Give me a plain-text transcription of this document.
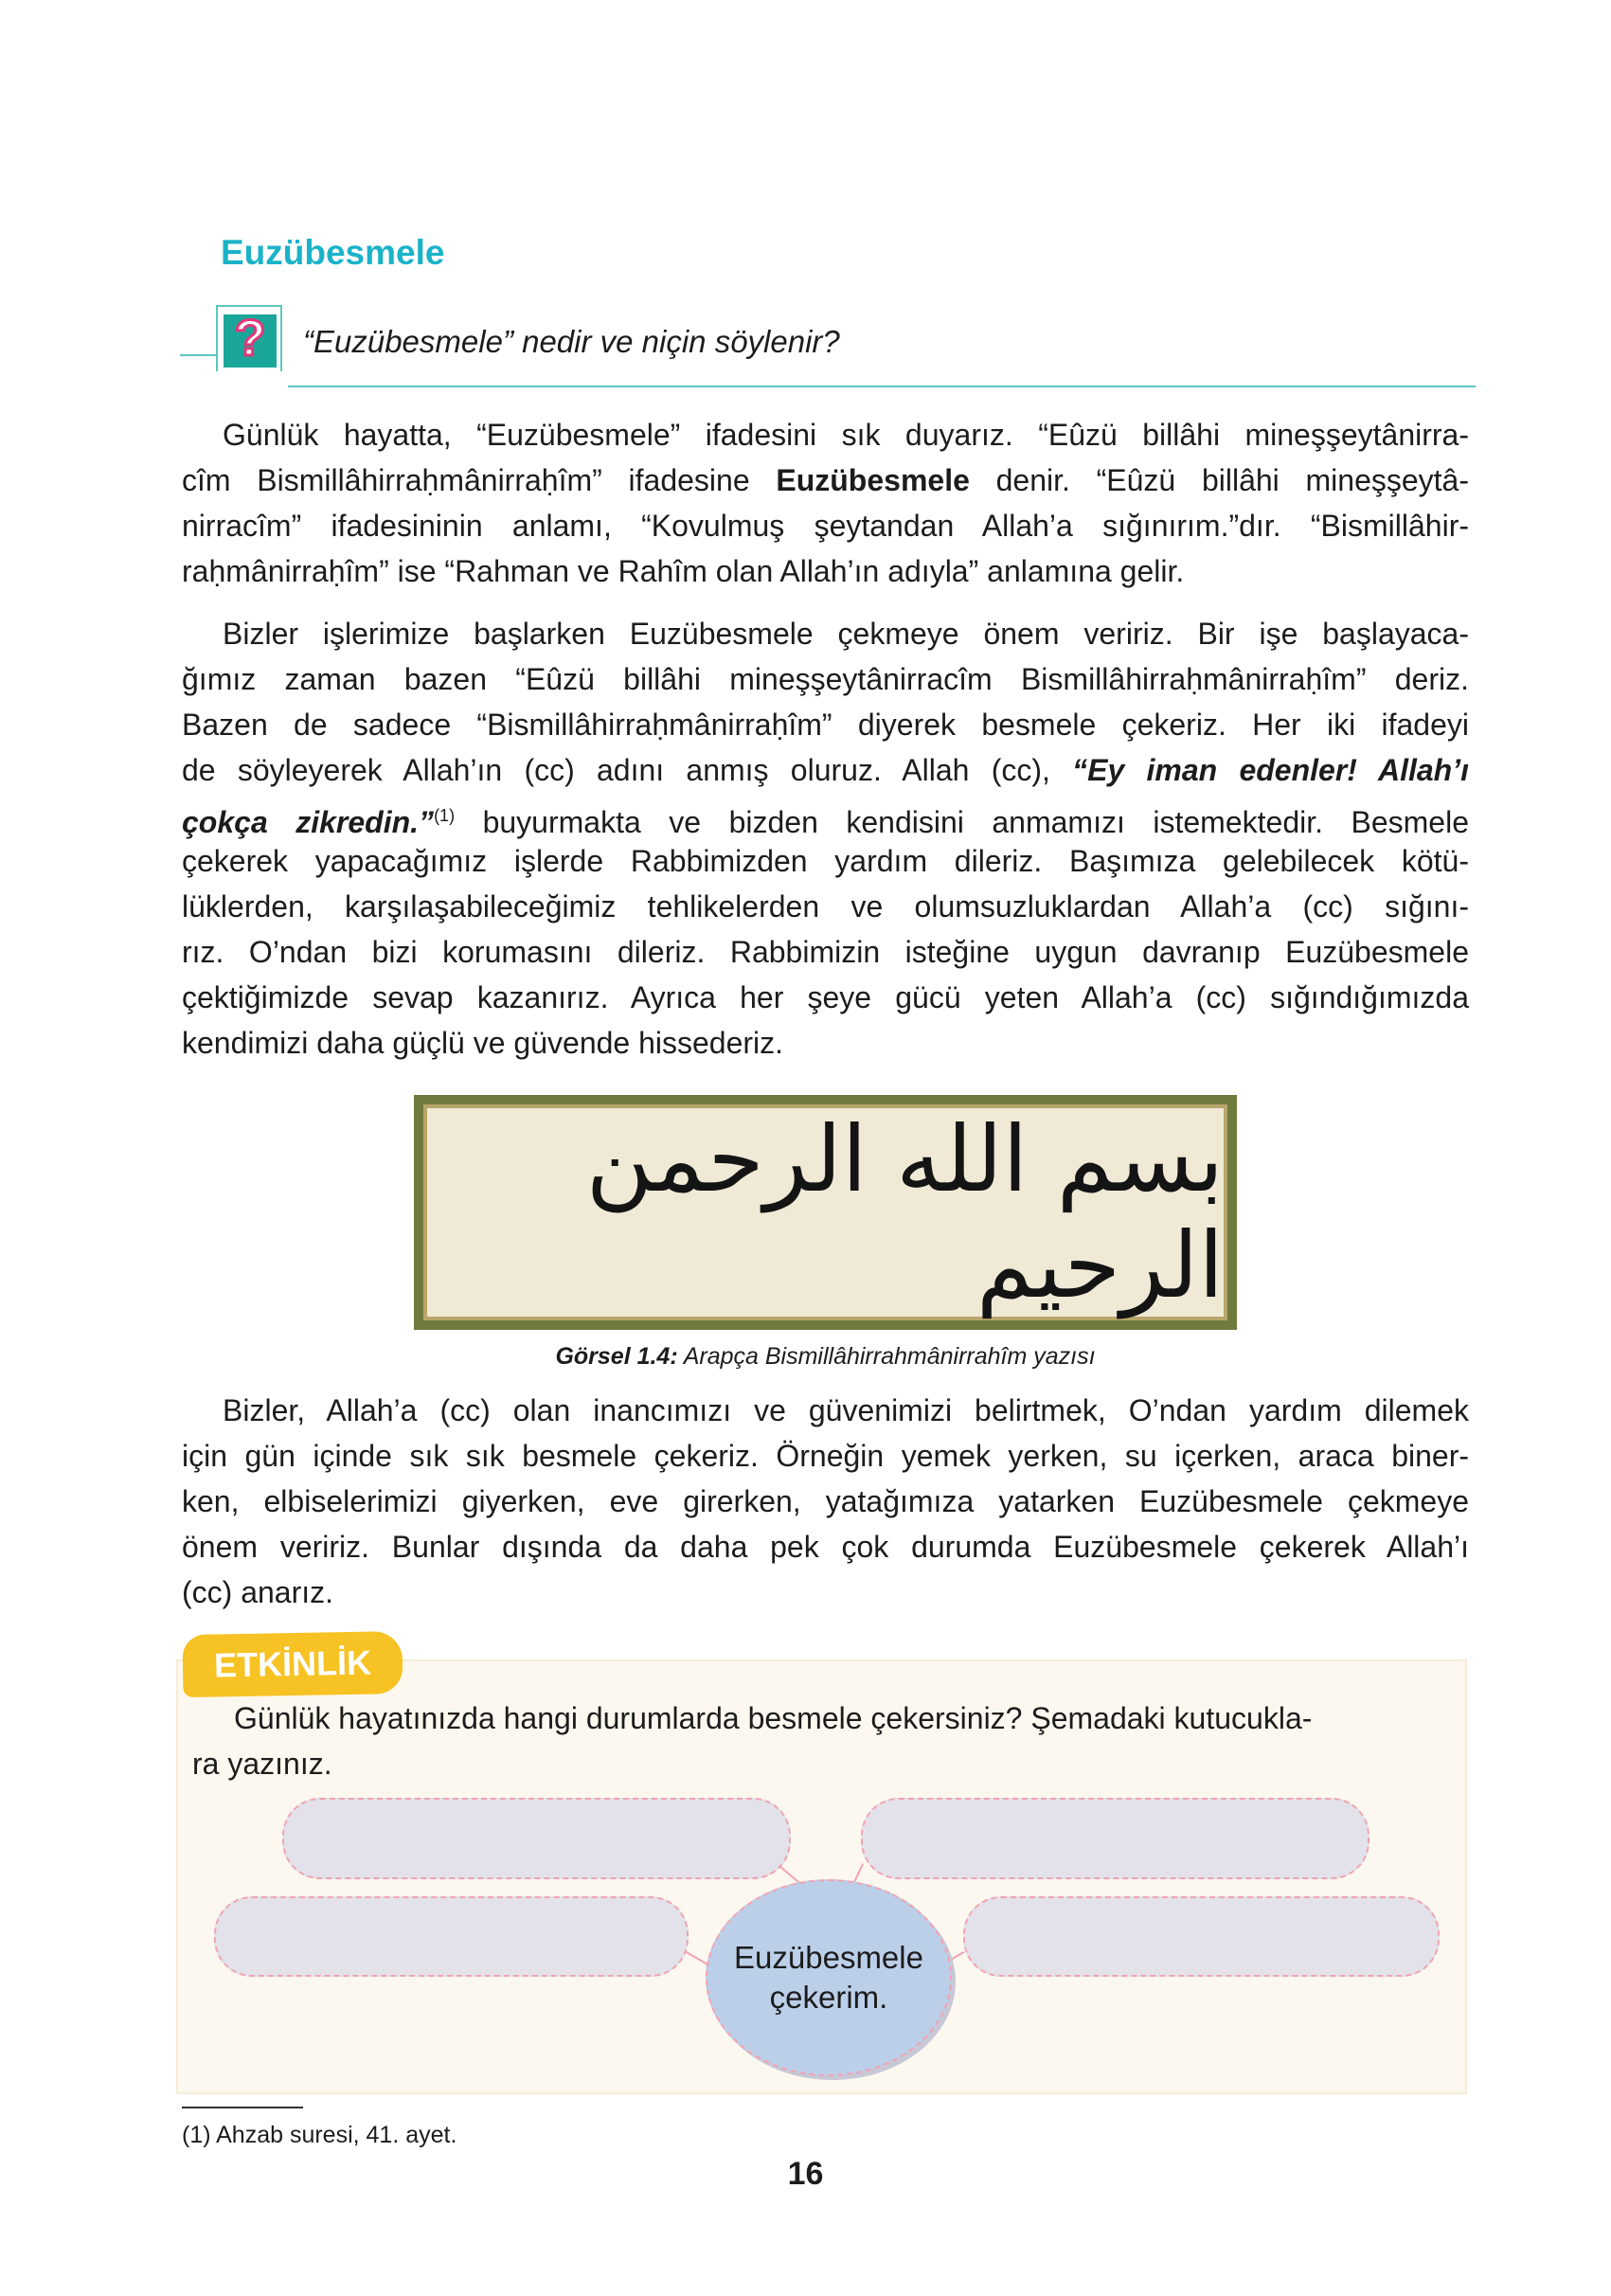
Euzübesmele
?	“Euzübesmele” nedir ve niçin söylenir?
Günlük hayatta, “Euzübesmele” ifadesini sık duyarız. “Eûzü billâhi mineşşeytânirra-
cîm Bismillâhirraḥmânirraḥîm” ifadesine Euzübesmele denir. “Eûzü billâhi mineşşeytâ-
nirracîm” ifadesininin anlamı, “Kovulmuş şeytandan Allah’a sığınırım.”dır. “Bismillâhir-
raḥmânirraḥîm” ise “Rahman ve Rahîm olan Allah’ın adıyla” anlamına gelir.
Bizler işlerimize başlarken Euzübesmele çekmeye önem veririz. Bir işe başlayaca-
ğımız zaman bazen “Eûzü billâhi mineşşeytânirracîm Bismillâhirraḥmânirraḥîm” deriz.
Bazen de sadece “Bismillâhirraḥmânirraḥîm” diyerek besmele çekeriz. Her iki ifadeyi
de söyleyerek Allah’ın (cc) adını anmış oluruz. Allah (cc), “Ey iman edenler! Allah’ı
çokça zikredin.”$^{(1)}$ buyurmakta ve bizden kendisini anmamızı istemektedir. Besmele
çekerek yapacağımız işlerde Rabbimizden yardım dileriz. Başımıza gelebilecek kötü-
lüklerden, karşılaşabileceğimiz tehlikelerden ve olumsuzluklardan Allah’a (cc) sığını-
rız. O’ndan bizi korumasını dileriz. Rabbimizin isteğine uygun davranıp Euzübesmele
çektiğimizde sevap kazanırız. Ayrıca her şeye gücü yeten Allah’a (cc) sığındığımızda
kendimizi daha güçlü ve güvende hissederiz.
بسم الله الرحمن الرحيم
Görsel 1.4: Arapça Bismillâhirrahmânirrahîm yazısı
Bizler, Allah’a (cc) olan inancımızı ve güvenimizi belirtmek, O’ndan yardım dilemek
için gün içinde sık sık besmele çekeriz. Örneğin yemek yerken, su içerken, araca biner-
ken, elbiselerimizi giyerken, eve girerken, yatağımıza yatarken Euzübesmele çekmeye
önem veririz. Bunlar dışında da daha pek çok durumda Euzübesmele çekerek Allah’ı
(cc) anarız.
ETKİNLİK
Günlük hayatınızda hangi durumlarda besmele çekersiniz? Şemadaki kutucukla-
ra yazınız.
Euzübesmele
çekerim.
(1) Ahzab suresi, 41. ayet.
16
